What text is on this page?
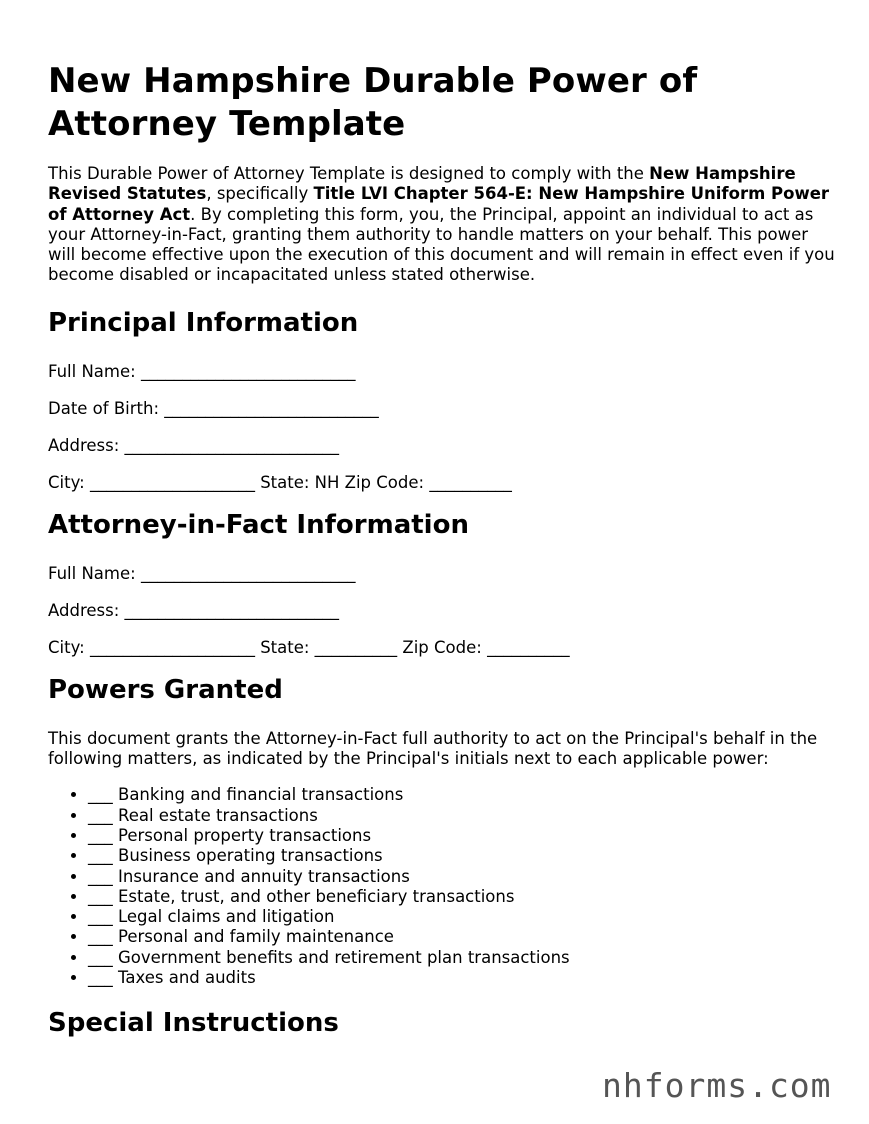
New Hampshire Durable Power of Attorney Template

This Durable Power of Attorney Template is designed to comply with the New Hampshire Revised Statutes, specifically Title LVI Chapter 564-E: New Hampshire Uniform Power of Attorney Act. By completing this form, you, the Principal, appoint an individual to act as your Attorney-in-Fact, granting them authority to handle matters on your behalf. This power will become effective upon the execution of this document and will remain in effect even if you become disabled or incapacitated unless stated otherwise.

Principal Information

Full Name: __________________________

Date of Birth: __________________________

Address: __________________________

City: ____________________ State: NH Zip Code: __________

Attorney-in-Fact Information

Full Name: __________________________

Address: __________________________

City: ____________________ State: __________ Zip Code: __________

Powers Granted

This document grants the Attorney-in-Fact full authority to act on the Principal's behalf in the following matters, as indicated by the Principal's initials next to each applicable power:

• ___ Banking and financial transactions
• ___ Real estate transactions
• ___ Personal property transactions
• ___ Business operating transactions
• ___ Insurance and annuity transactions
• ___ Estate, trust, and other beneficiary transactions
• ___ Legal claims and litigation
• ___ Personal and family maintenance
• ___ Government benefits and retirement plan transactions
• ___ Taxes and audits
Special Instructions
nhforms.com
